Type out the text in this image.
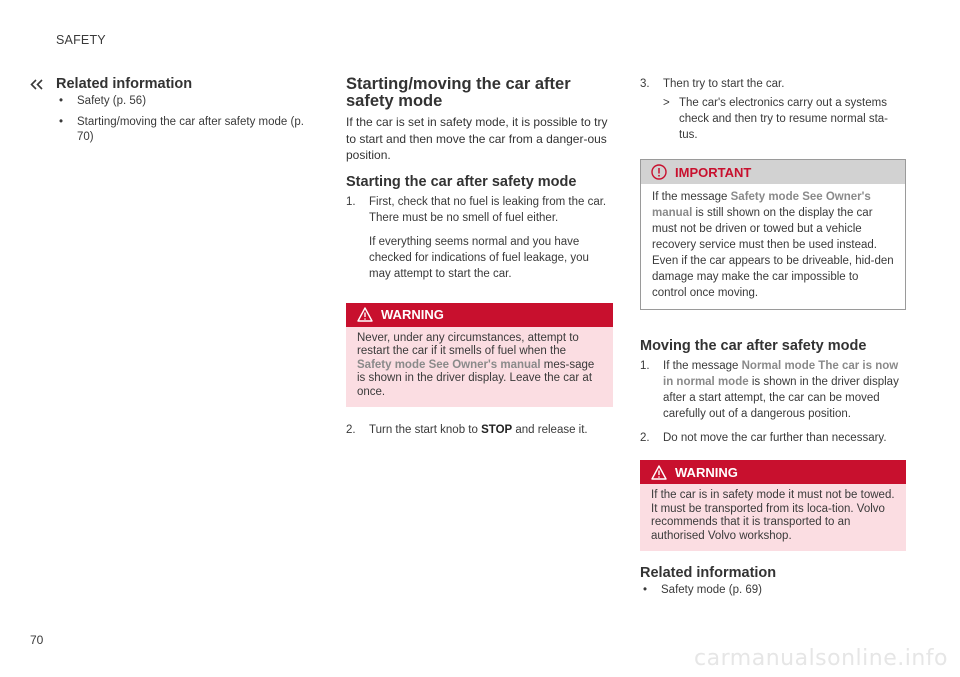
SAFETY
Related information
• Safety (p. 56)
• Starting/moving the car after safety mode (p. 70)
Starting/moving the car after safety mode

If the car is set in safety mode, it is possible to try to start and then move the car from a danger-ous position.

Starting the car after safety mode
1. First, check that no fuel is leaking from the car. There must be no smell of fuel either.

If everything seems normal and you have checked for indications of fuel leakage, you may attempt to start the car.

WARNING
Never, under any circumstances, attempt to restart the car if it smells of fuel when the Safety mode See Owner's manual mes-sage is shown in the driver display. Leave the car at once.
2. Turn the start knob to STOP and release it.
3. Then try to start the car.
> The car's electronics carry out a systems check and then try to resume normal sta-tus.
IMPORTANT
If the message Safety mode See Owner's manual is still shown on the display the car must not be driven or towed but a vehicle recovery service must then be used instead. Even if the car appears to be driveable, hid-den damage may make the car impossible to control once moving.
Moving the car after safety mode
1. If the message Normal mode The car is now in normal mode is shown in the driver display after a start attempt, the car can be moved carefully out of a dangerous position.
2. Do not move the car further than necessary.
WARNING
If the car is in safety mode it must not be towed. It must be transported from its loca-tion. Volvo recommends that it is transported to an authorised Volvo workshop.
Related information
• Safety mode (p. 69)
70
carmanualsonline.info
